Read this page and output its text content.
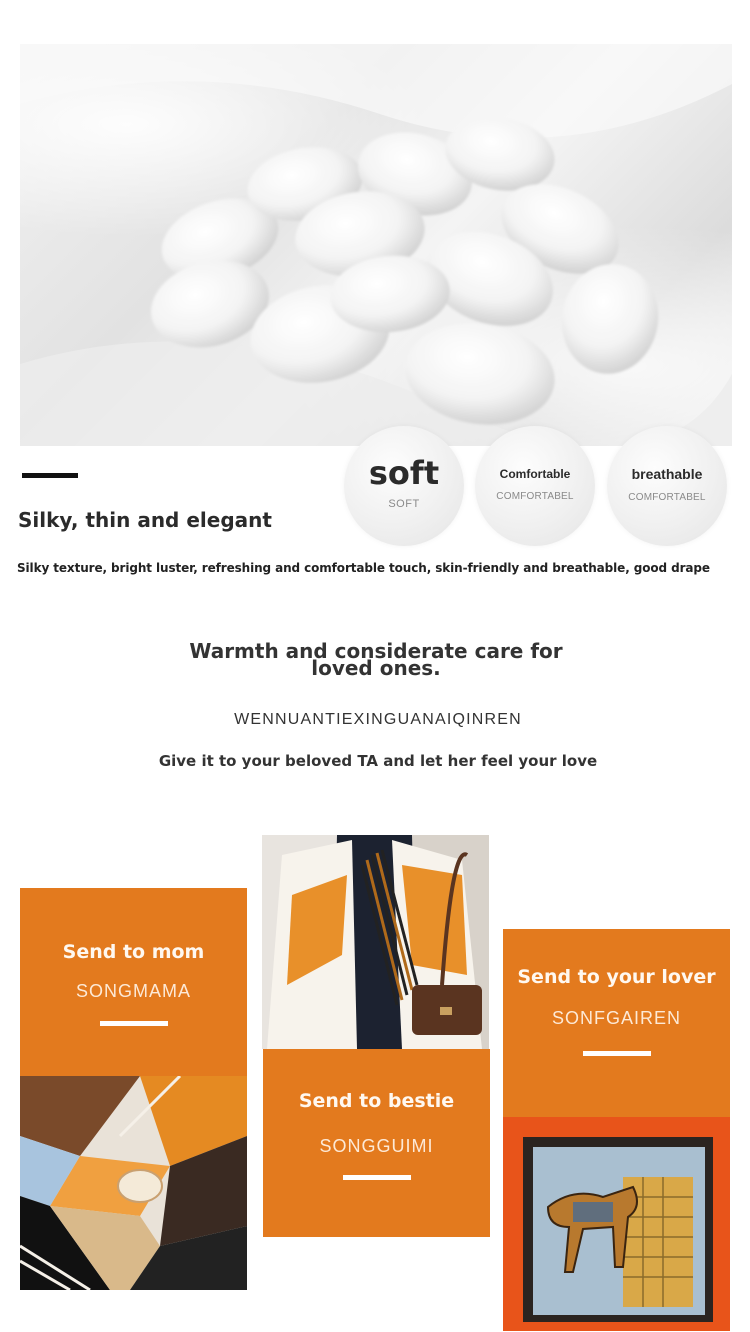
soft
SOFT
Comfortable
COMFORTABEL
breathable
COMFORTABEL
Silky, thin and elegant
Silky texture, bright luster, refreshing and comfortable touch, skin-friendly and breathable, good drape
Warmth and considerate care for loved ones.
WENNUANTIEXINGUANAIQINREN
Give it to your beloved TA and let her feel your love
Send to mom
SONGMAMA
Send to bestie
SONGGUIMI
Send to your lover
SONFGAIREN
